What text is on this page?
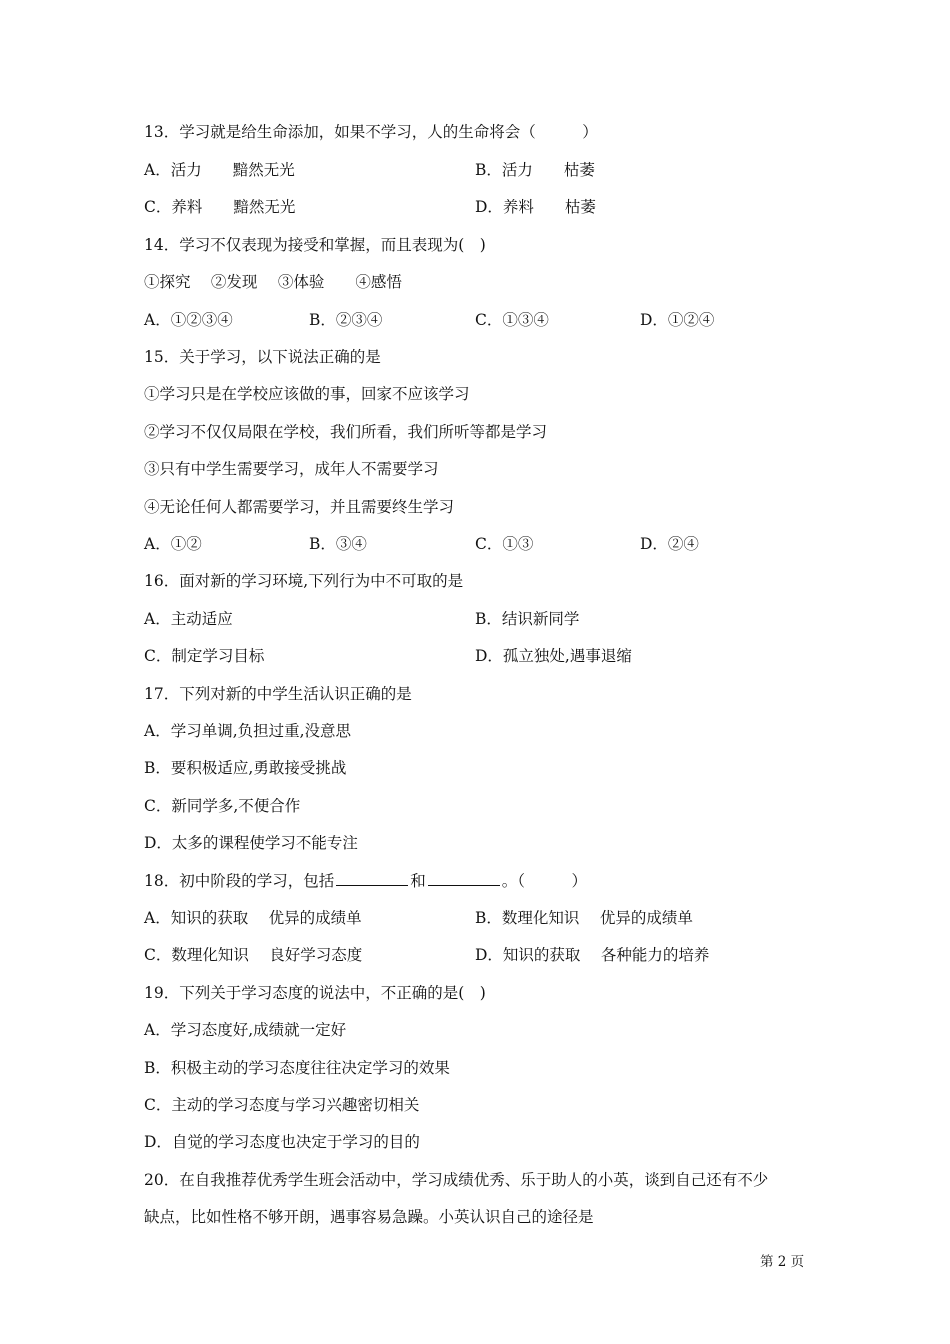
13．学习就是给生命添加，如果不学习，人的生命将会（　　　）
A．活力　　黯然无光	B．活力　　枯萎
C．养料　　黯然无光	D．养料　　枯萎
14．学习不仅表现为接受和掌握，而且表现为(　)
①探究　 ②发现　 ③体验　　④感悟
A．①②③④	B．②③④	C．①③④	D．①②④
15．关于学习，以下说法正确的是
①学习只是在学校应该做的事，回家不应该学习
②学习不仅仅局限在学校，我们所看，我们所听等都是学习
③只有中学生需要学习，成年人不需要学习
④无论任何人都需要学习，并且需要终生学习
A．①②	B．③④	C．①③	D．②④
16．面对新的学习环境,下列行为中不可取的是
A．主动适应	B．结识新同学
C．制定学习目标	D．孤立独处,遇事退缩
17．下列对新的中学生活认识正确的是
A．学习单调,负担过重,没意思
B．要积极适应,勇敢接受挑战
C．新同学多,不便合作
D．太多的课程使学习不能专注
18．初中阶段的学习，包括	和	。（　　　）
A．知识的获取　 优异的成绩单	B．数理化知识　 优异的成绩单
C．数理化知识　 良好学习态度	D．知识的获取　 各种能力的培养
19．下列关于学习态度的说法中，不正确的是(　)
A．学习态度好,成绩就一定好
B．积极主动的学习态度往往决定学习的效果
C．主动的学习态度与学习兴趣密切相关
D．自觉的学习态度也决定于学习的目的
20．在自我推荐优秀学生班会活动中，学习成绩优秀、乐于助人的小英，谈到自己还有不少
缺点，比如性格不够开朗，遇事容易急躁。小英认识自己的途径是
第 2 页
